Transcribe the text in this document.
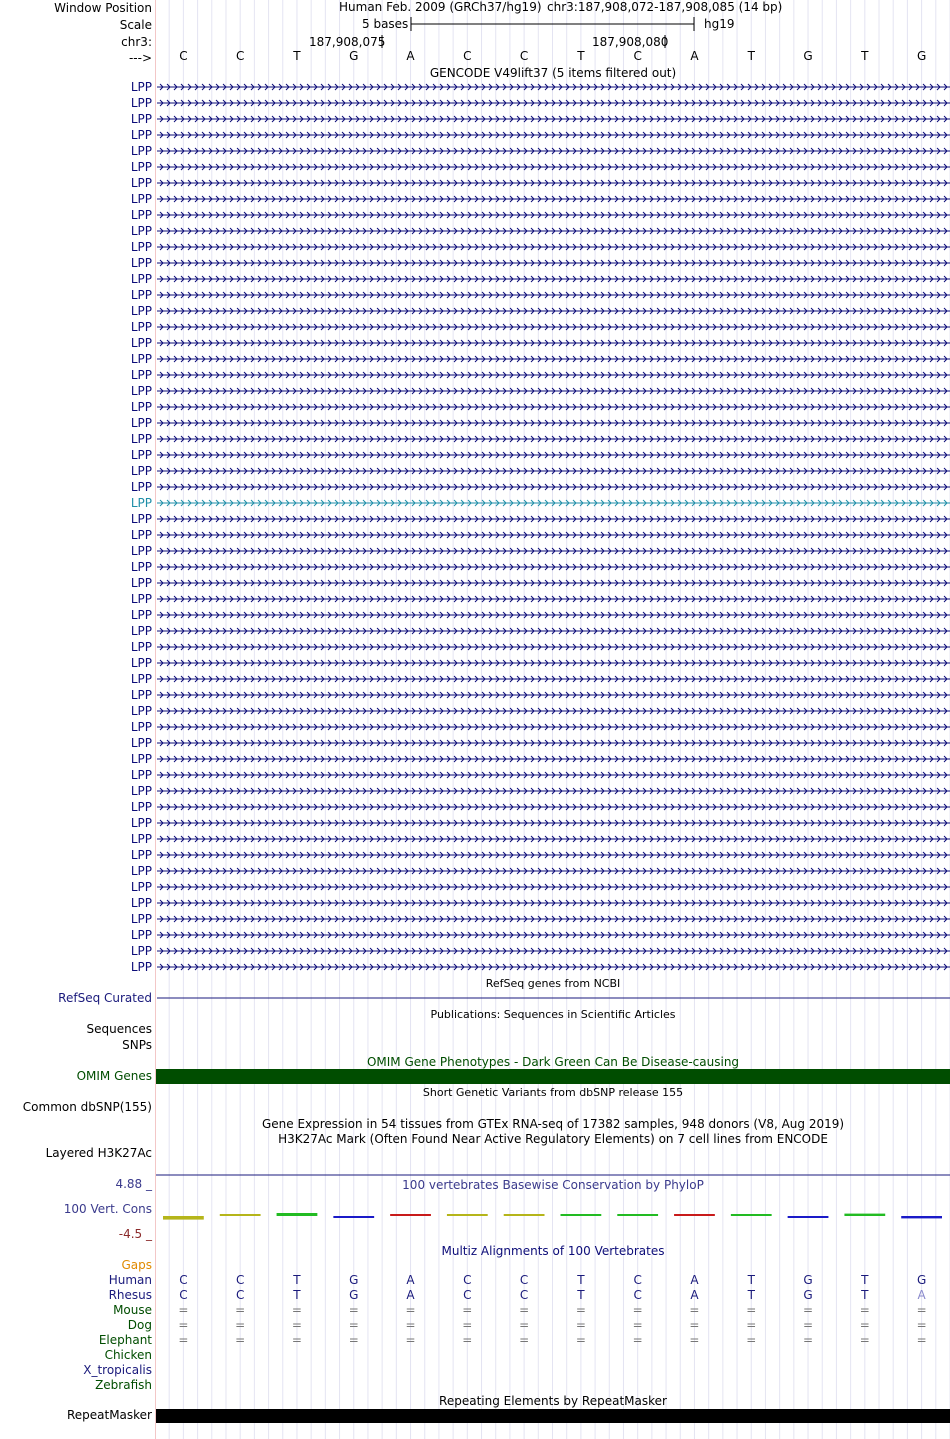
Window Position	Human Feb. 2009 (GRCh37/hg19) chr3:187,908,072-187,908,085 (14 bp)
Scale	5 bases	hg19
chr3:	187,908,075	187,908,080
--->	C	C	T	G	A	C	C	T	C	A	T	G	T	G
GENCODE V49lift37 (5 items filtered out)
LPP
LPP
LPP
LPP
LPP
LPP
LPP
LPP
LPP
LPP
LPP
LPP
LPP
LPP
LPP
LPP
LPP
LPP
LPP
LPP
LPP
LPP
LPP
LPP
LPP
LPP
LPP
LPP
LPP
LPP
LPP
LPP
LPP
LPP
LPP
LPP
LPP
LPP
LPP
LPP
LPP
LPP
LPP
LPP
LPP
LPP
LPP
LPP
LPP
LPP
LPP
LPP
LPP
LPP
LPP
LPP
RefSeq genes from NCBI
RefSeq Curated
Publications: Sequences in Scientific Articles
Sequences
SNPs
OMIM Gene Phenotypes - Dark Green Can Be Disease-causing
OMIM Genes
Short Genetic Variants from dbSNP release 155
Common dbSNP(155)
Gene Expression in 54 tissues from GTEx RNA-seq of 17382 samples, 948 donors (V8, Aug 2019)
H3K27Ac Mark (Often Found Near Active Regulatory Elements) on 7 cell lines from ENCODE
Layered H3K27Ac
100 vertebrates Basewise Conservation by PhyloP
4.88 _
100 Vert. Cons
-4.5 _
Multiz Alignments of 100 Vertebrates
Gaps
Human	C	C	T	G	A	C	C	T	C	A	T	G	T	G
Rhesus	C	C	T	G	A	C	C	T	C	A	T	G	T	A
Mouse	=	=	=	=	=	=	=	=	=	=	=	=	=	=
Dog	=	=	=	=	=	=	=	=	=	=	=	=	=	=
Elephant	=	=	=	=	=	=	=	=	=	=	=	=	=	=
Chicken
X_tropicalis
Zebrafish
Repeating Elements by RepeatMasker
RepeatMasker
